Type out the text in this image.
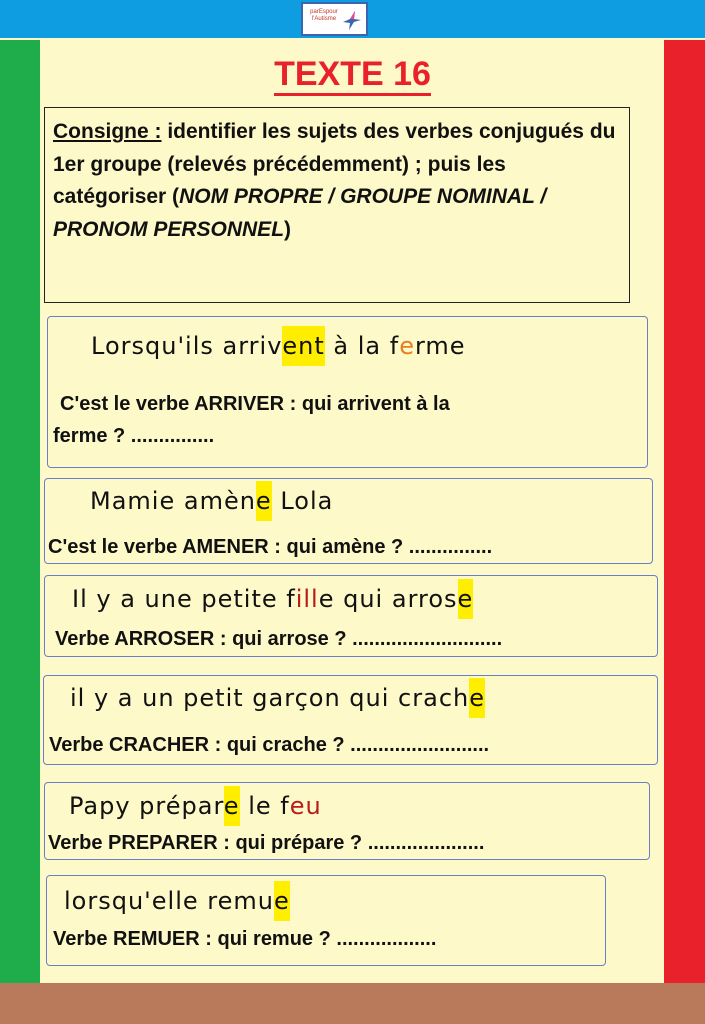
parEspour l'Autisme
TEXTE 16
Consigne : identifier les sujets des verbes conjugués du 1er groupe (relevés précédemment) ; puis les catégoriser (NOM PROPRE / GROUPE NOMINAL / PRONOM PERSONNEL)
Lorsqu'ils arrivent à la ferme
C'est le verbe ARRIVER : qui arrivent à la
ferme ? ...............
Mamie amène Lola
C'est le verbe AMENER : qui amène ? ...............
Il y a une petite fille qui arrose
Verbe ARROSER : qui arrose ? ...........................
il y a un petit garçon qui crache
Verbe CRACHER : qui crache ? .........................
Papy prépare le feu
Verbe PREPARER : qui prépare ? .....................
lorsqu'elle remue
Verbe REMUER : qui remue ? ..................
